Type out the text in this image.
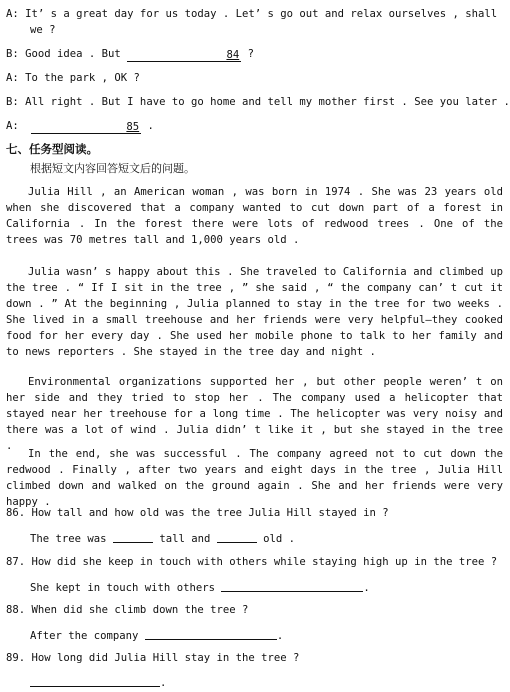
A: It’ s a great day for us today . Let’ s go out and relax ourselves , shall
we ?
B: Good idea . But	84 ?
A: To the park , OK ?
B: All right . But I have to go home and tell my mother first . See you later .
A:	85 .
七、任务型阅读。
根据短文内容回答短文后的问题。
Julia Hill , an American woman , was born in 1974 . She was 23 years old when she discovered that a company wanted to cut down part of a forest in California . In the forest there were lots of redwood trees . One of the trees was 70 metres tall and 1,000 years old .
Julia wasn’ s happy about this . She traveled to California and climbed up the tree . “ If I sit in the tree , ” she said , “ the company can’ t cut it down . ” At the beginning , Julia planned to stay in the tree for two weeks . She lived in a small treehouse and her friends were very helpful—they cooked food for her every day . She used her mobile phone to talk to her family and to news reporters . She stayed in the tree day and night .
Environmental organizations supported her , but other people weren’ t on her side and they tried to stop her . The company used a helicopter that stayed near her treehouse for a long time . The helicopter was very noisy and there was a lot of wind . Julia didn’ t like it , but she stayed in the tree .
In the end, she was successful . The company agreed not to cut down the redwood . Finally , after two years and eight days in the tree , Julia Hill climbed down and walked on the ground again . She and her friends were very happy .
86. How tall and how old was the tree Julia Hill stayed in ?
The tree was	tall and	old .
87. How did she keep in touch with others while staying high up in the tree ?
She kept in touch with others	.
88. When did she climb down the tree ?
After the company	.
89. How long did Julia Hill stay in the tree ?
.
